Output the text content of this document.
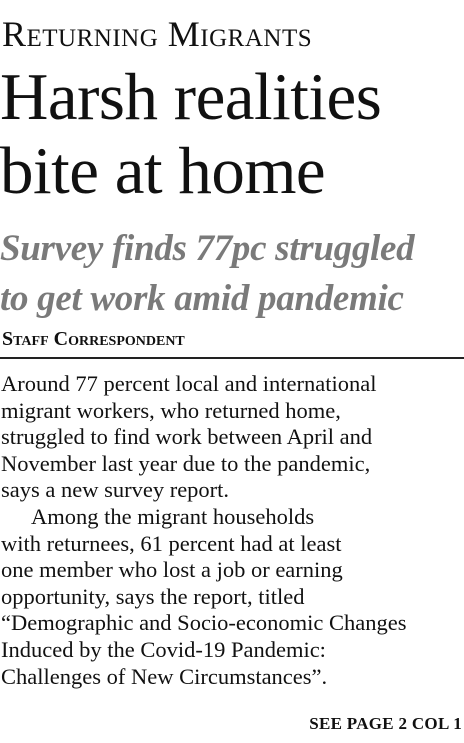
Returning Migrants
Harsh realities
bite at home
Survey finds 77pc struggled
to get work amid pandemic
Staff Correspondent
Around 77 percent local and international
migrant workers, who returned home,
struggled to find work between April and
November last year due to the pandemic,
says a new survey report.
Among the migrant households
with returnees, 61 percent had at least
one member who lost a job or earning
opportunity, says the report, titled
“Demographic and Socio-economic Changes
Induced by the Covid-19 Pandemic:
Challenges of New Circumstances”.
SEE PAGE 2 COL 1
